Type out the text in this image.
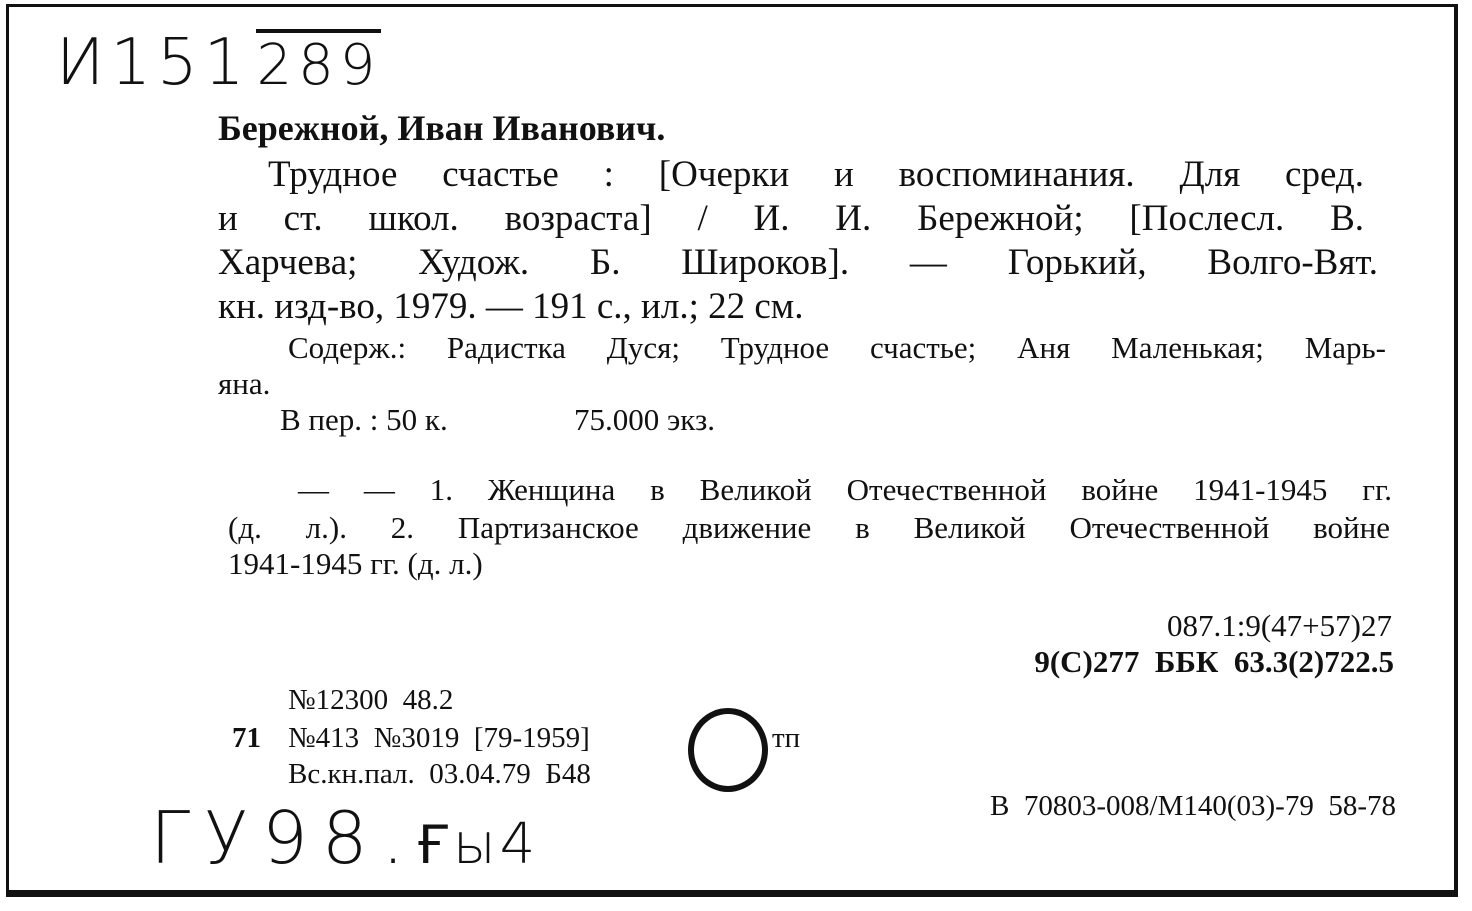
И151 289
Бережной, Иван Иванович.
Трудное счастье : [Очерки и воспоминания. Для сред.
и ст. школ. возраста] / И. И. Бережной; [Послесл. В.
Харчева; Худож. Б. Широков]. — Горький, Волго-Вят.
кн. изд-во, 1979. — 191 с., ил.; 22 см.
Содерж.: Радистка Дуся; Трудное счастье; Аня Маленькая; Марь-
яна.
В пер. : 50 к.	75.000 экз.
— — 1. Женщина в Великой Отечественной войне 1941-1945 гг.
(д. л.). 2. Партизанское движение в Великой Отечественной войне
1941-1945 гг. (д. л.)
087.1:9(47+57)27
9(С)277  ББК  63.3(2)722.5
№12300  48.2
71 №413  №3019  [79-1959]	тп
Вс.кн.пал.  03.04.79  Б48
В  70803-008/М140(03)-79  58-78
ГУ98.Ғы4
